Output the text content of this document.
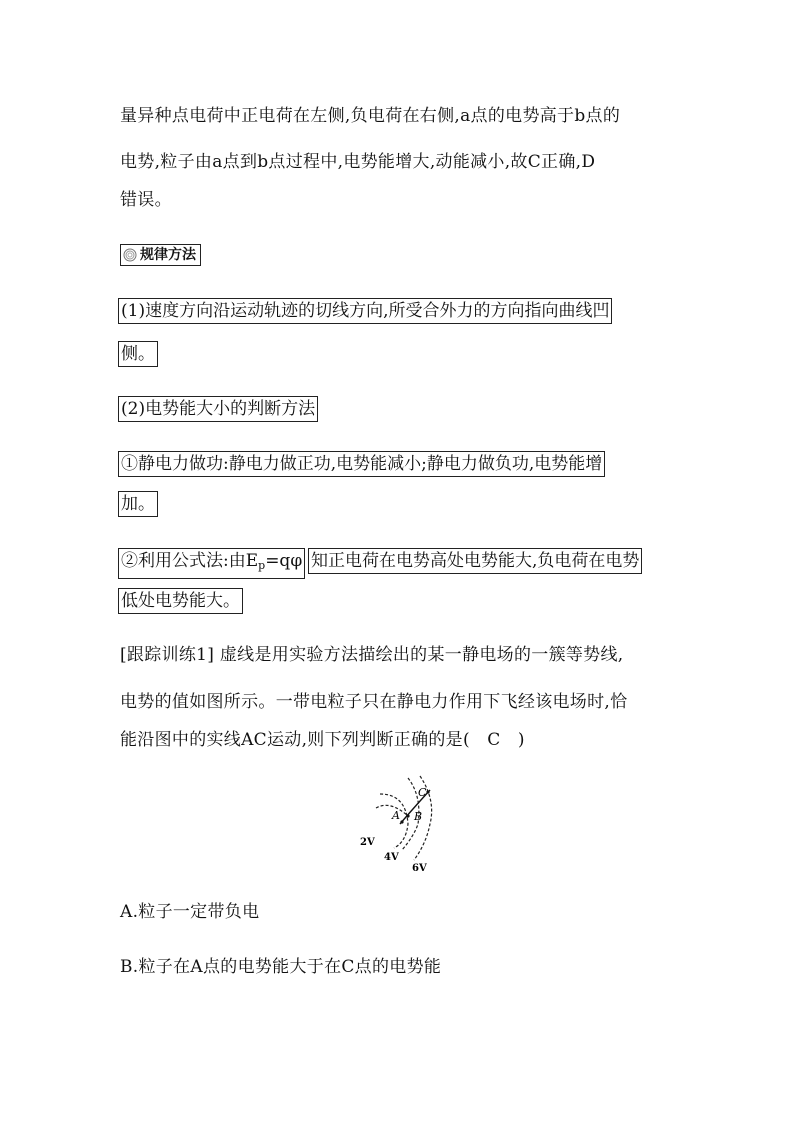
量异种点电荷中正电荷在左侧,负电荷在右侧,a点的电势高于b点的
电势,粒子由a点到b点过程中,电势能增大,动能减小,故C正确,D
错误。
规律方法
(1)速度方向沿运动轨迹的切线方向,所受合外力的方向指向曲线凹
侧。
(2)电势能大小的判断方法
①静电力做功:静电力做正功,电势能减小;静电力做负功,电势能增
加。
②利用公式法:由$E_p=q\varphi$ 知正电荷在电势高处电势能大,负电荷在电势
低处电势能大。
[跟踪训练1] 虚线是用实验方法描绘出的某一静电场的一簇等势线,
电势的值如图所示。一带电粒子只在静电力作用下飞经该电场时,恰
能沿图中的实线AC运动,则下列判断正确的是(　C　)
A B
C
2V
4V
6V
A.粒子一定带负电
B.粒子在A点的电势能大于在C点的电势能
